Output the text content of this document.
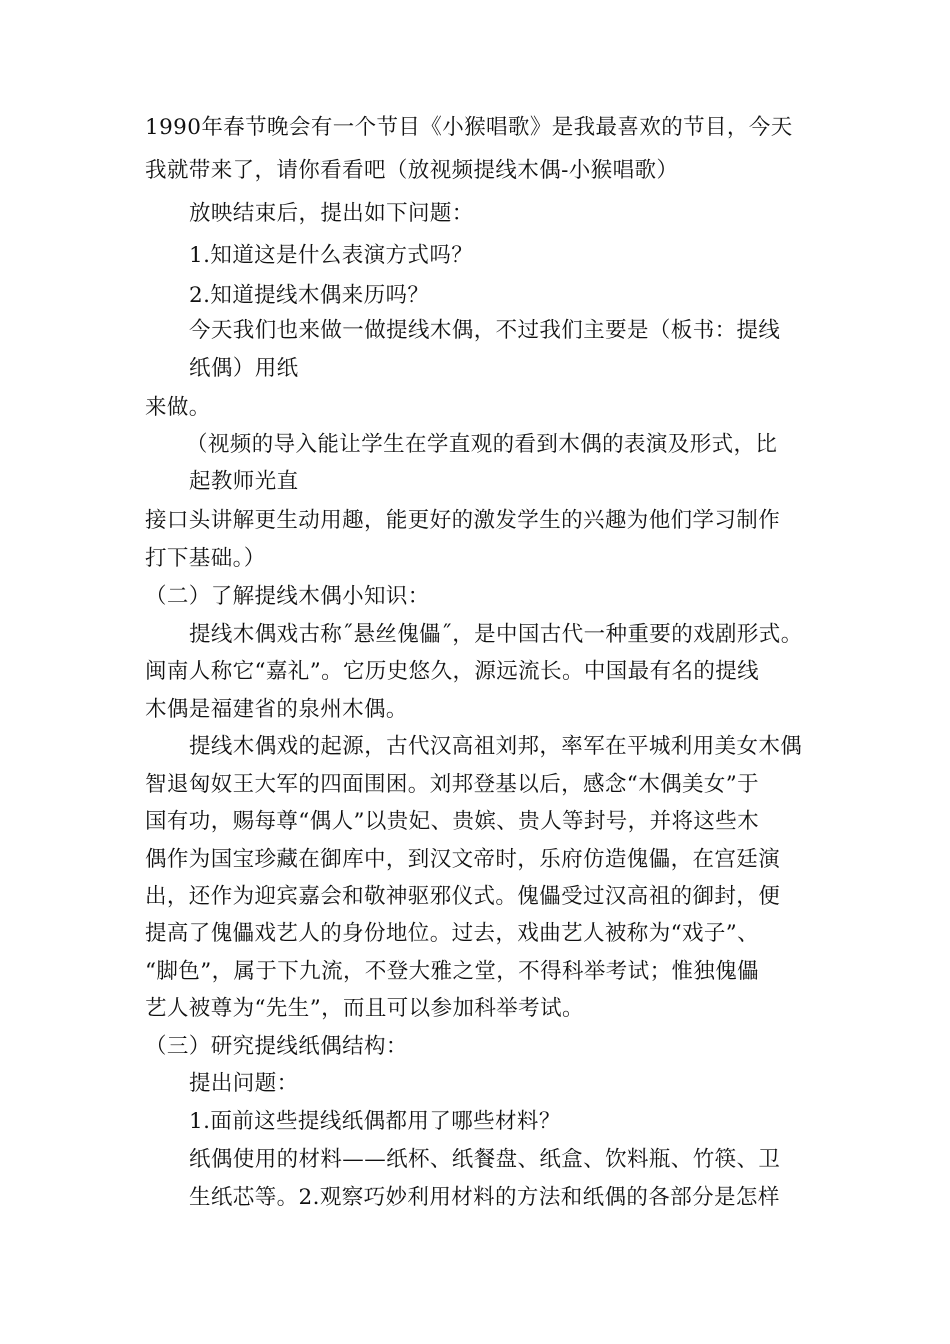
1990年春节晚会有一个节目《小猴唱歌》是我最喜欢的节目，今天
我就带来了，请你看看吧（放视频提线木偶-小猴唱歌）
放映结束后，提出如下问题：
1.知道这是什么表演方式吗？
2.知道提线木偶来历吗？
今天我们也来做一做提线木偶，不过我们主要是（板书：提线
纸偶）用纸
来做。
（视频的导入能让学生在学直观的看到木偶的表演及形式，比
起教师光直
接口头讲解更生动用趣，能更好的激发学生的兴趣为他们学习制作
打下基础。）
（二）了解提线木偶小知识：
提线木偶戏古称˝悬丝傀儡˝，是中国古代一种重要的戏剧形式。
闽南人称它“嘉礼”。它历史悠久，源远流长。中国最有名的提线
木偶是福建省的泉州木偶。
提线木偶戏的起源，古代汉高祖刘邦，率军在平城利用美女木偶
智退匈奴王大军的四面围困。刘邦登基以后，感念“木偶美女”于
国有功，赐每尊“偶人”以贵妃、贵嫔、贵人等封号，并将这些木
偶作为国宝珍藏在御库中，到汉文帝时，乐府仿造傀儡，在宫廷演
出，还作为迎宾嘉会和敬神驱邪仪式。傀儡受过汉高祖的御封，便
提高了傀儡戏艺人的身份地位。过去，戏曲艺人被称为“戏子”、
“脚色”，属于下九流，不登大雅之堂，不得科举考试；惟独傀儡
艺人被尊为“先生”，而且可以参加科举考试。
（三）研究提线纸偶结构：
提出问题：
1.面前这些提线纸偶都用了哪些材料？
纸偶使用的材料——纸杯、纸餐盘、纸盒、饮料瓶、竹筷、卫
生纸芯等。2.观察巧妙利用材料的方法和纸偶的各部分是怎样
